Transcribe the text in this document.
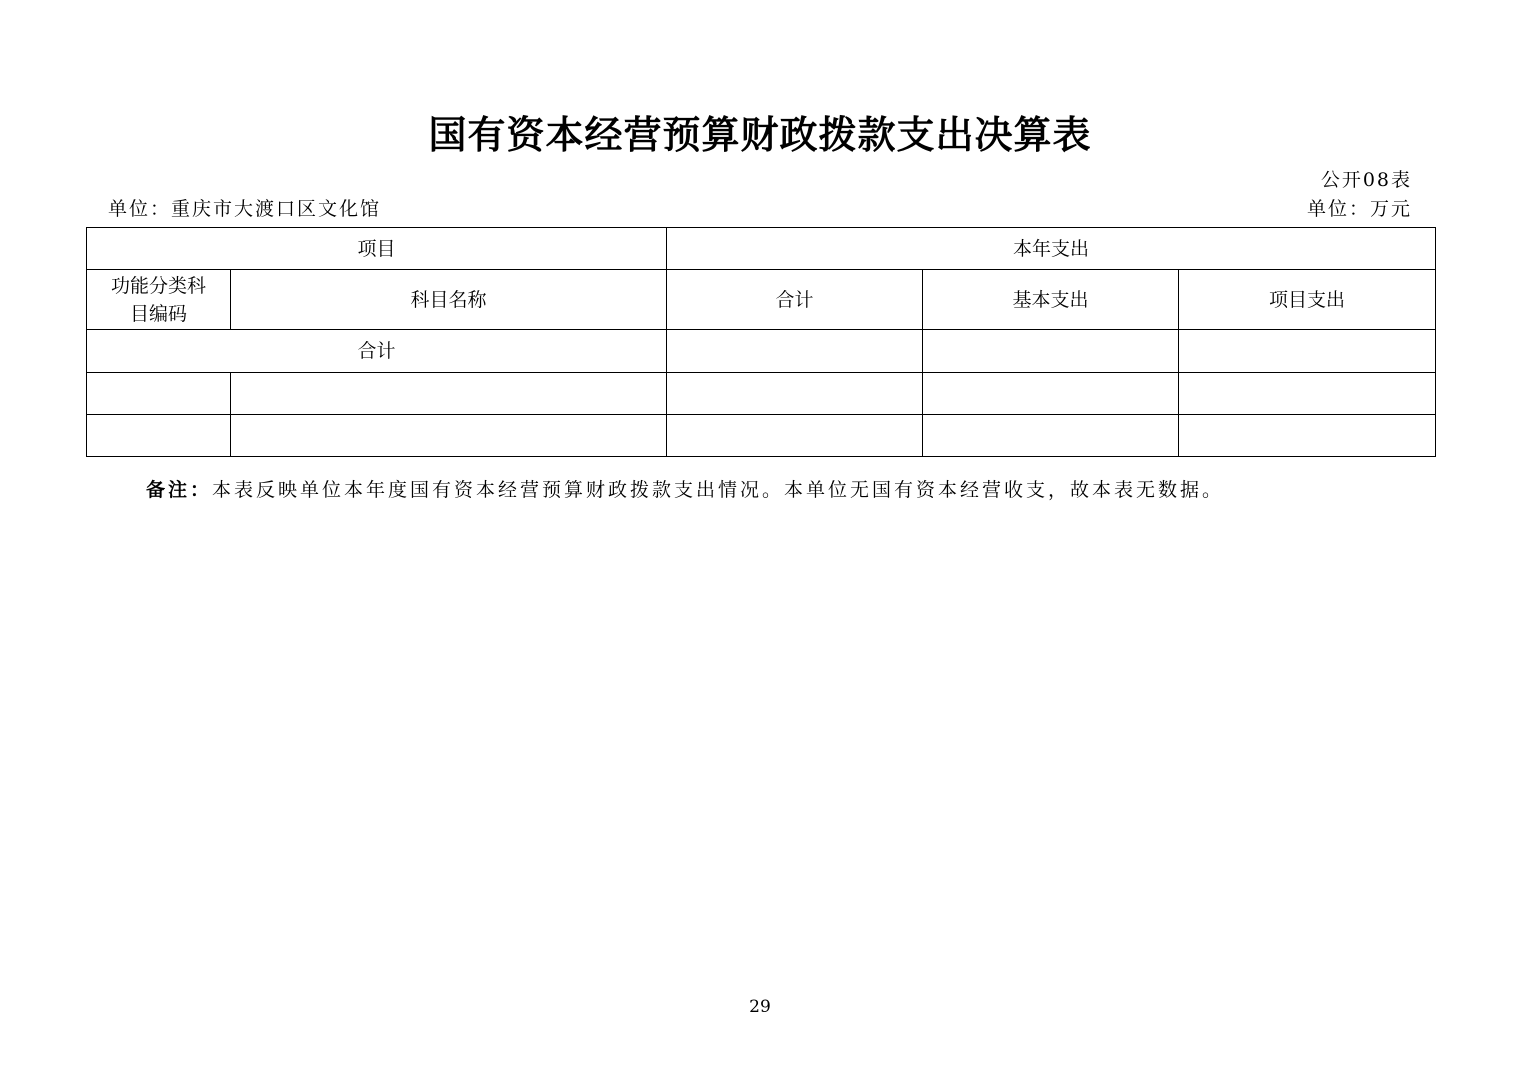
国有资本经营预算财政拨款支出决算表
公开08表
单位：重庆市大渡口区文化馆	单位：万元
项目		本年支出		

功能分类科目编码	科目名称	合计	基本支出	项目支出
合计				

备注：本表反映单位本年度国有资本经营预算财政拨款支出情况。本单位无国有资本经营收支，故本表无数据。
29
